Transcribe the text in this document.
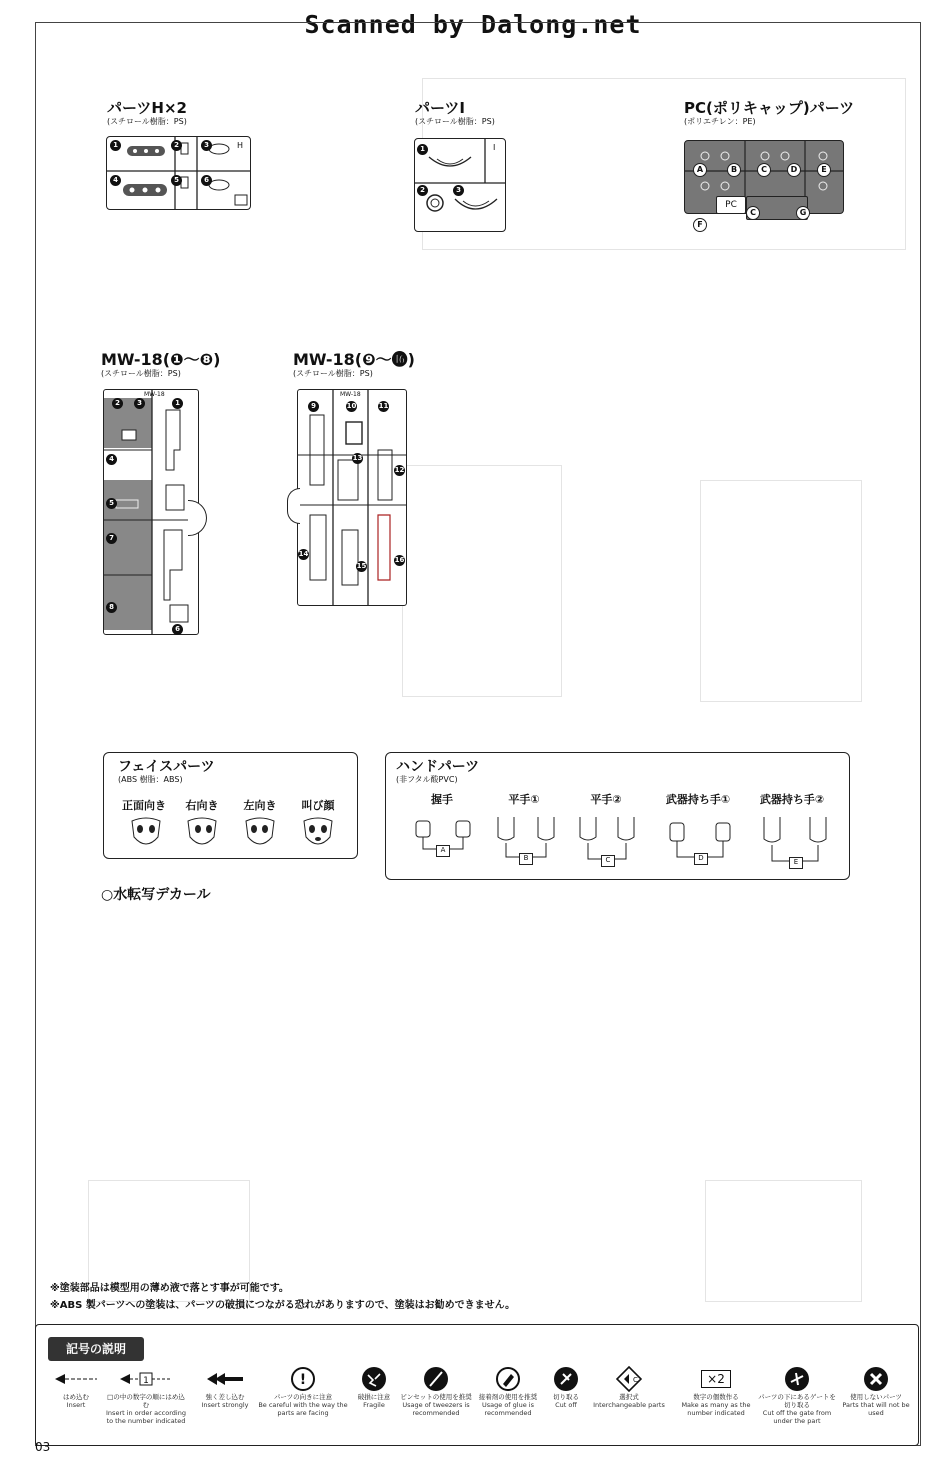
Scanned by Dalong.net
パーツH×2
(スチロール樹脂：PS)
H
1	2	3
4	5	6
パーツI
(スチロール樹脂：PS)
I
1
2	3
PC(ポリキャップ)パーツ
(ポリエチレン：PE)
A	B	C	D	E
PC
F
C	G
MW-18(❶～❽)
(スチロール樹脂：PS)
MW-18
2	3	1
4
5
7
8
6
MW-18(❾～⓰)
(スチロール樹脂：PS)
MW-18
9	10	11
12
13
14
15
16
フェイスパーツ
(ABS 樹脂：ABS)
正面向き	右向き	左向き	叫び顔
ハンドパーツ
(非フタル酸PVC)
握手	平手①	平手②	武器持ち手①	武器持ち手②
A
B	C	D	E
○水転写デカール
※塗装部品は模型用の薄め液で落とす事が可能です。
※ABS 製パーツへの塗装は、パーツの破損につながる恐れがありますので、塗装はお勧めできません。
記号の説明
はめ込む
Insert
1
□の中の数字の順にはめ込む
Insert in order according to the number indicated
強く差し込む
Insert strongly
!
パーツの向きに注意
Be careful with the way the parts are facing
破損に注意
Fragile
ピンセットの使用を推奨
Usage of tweezers is recommended
接着剤の使用を推奨
Usage of glue is recommended
切り取る
Cut off
C
選択式
Interchangeable parts
×2
数字の個数作る
Make as many as the number indicated
パーツの下にあるゲートを切り取る
Cut off the gate from under the part
使用しないパーツ
Parts that will not be used
03
